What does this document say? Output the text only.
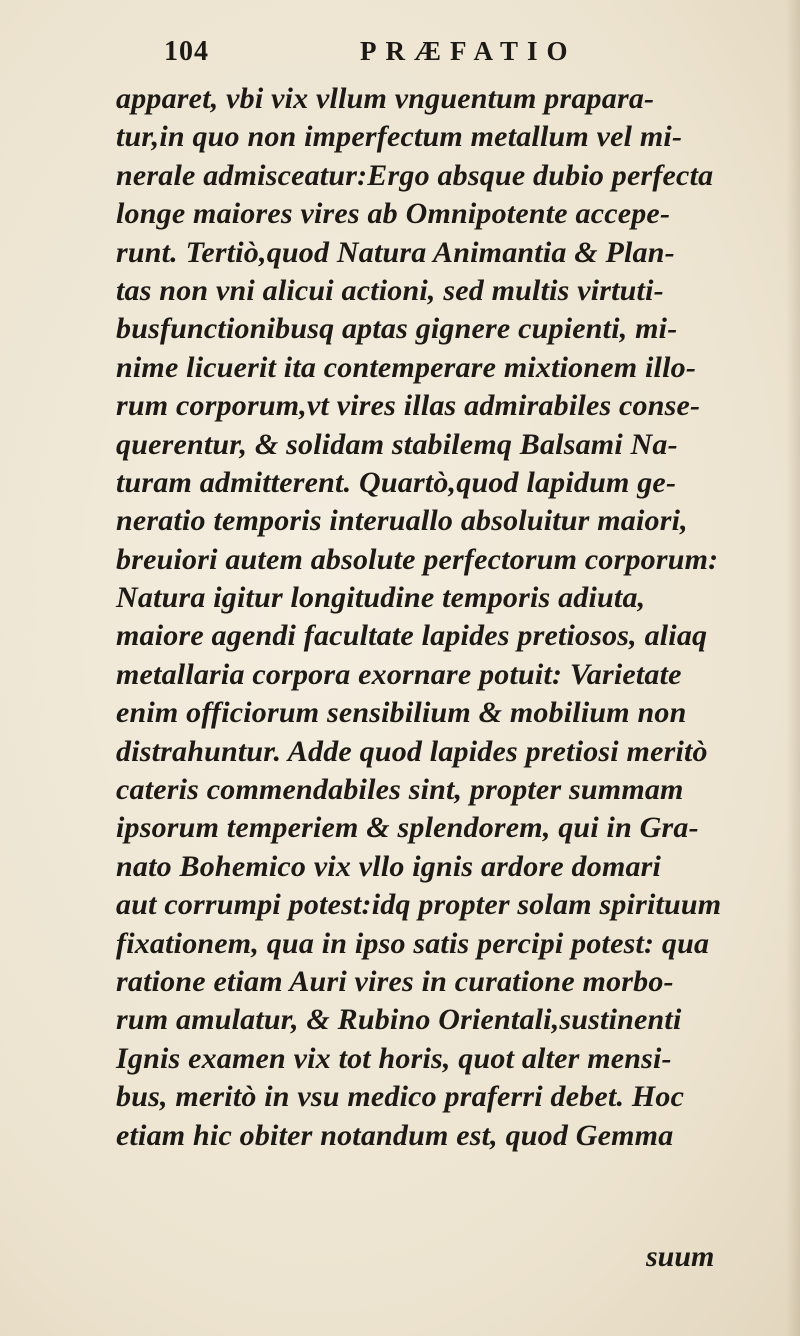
104	PRÆFATIO
apparet, vbi vix vllum vnguentum prapara-
tur,in quo non imperfectum metallum vel mi-
nerale admisceatur:Ergo absque dubio perfecta
longe maiores vires ab Omnipotente accepe-
runt. Tertiò,quod Natura Animantia & Plan-
tas non vni alicui actioni, sed multis virtuti-
busfunctionibusq aptas gignere cupienti, mi-
nime licuerit ita contemperare mixtionem illo-
rum corporum,vt vires illas admirabiles conse-
querentur, & solidam stabilemq Balsami Na-
turam admitterent. Quartò,quod lapidum ge-
neratio temporis interuallo absoluitur maiori,
breuiori autem absolute perfectorum corporum:
Natura igitur longitudine temporis adiuta,
maiore agendi facultate lapides pretiosos, aliaq
metallaria corpora exornare potuit: Varietate
enim officiorum sensibilium & mobilium non
distrahuntur. Adde quod lapides pretiosi meritò
cateris commendabiles sint, propter summam
ipsorum temperiem & splendorem, qui in Gra-
nato Bohemico vix vllo ignis ardore domari
aut corrumpi potest:idq propter solam spirituum
fixationem, qua in ipso satis percipi potest: qua
ratione etiam Auri vires in curatione morbo-
rum amulatur, & Rubino Orientali,sustinenti
Ignis examen vix tot horis, quot alter mensi-
bus, meritò in vsu medico praferri debet. Hoc
etiam hic obiter notandum est, quod Gemma
suum
